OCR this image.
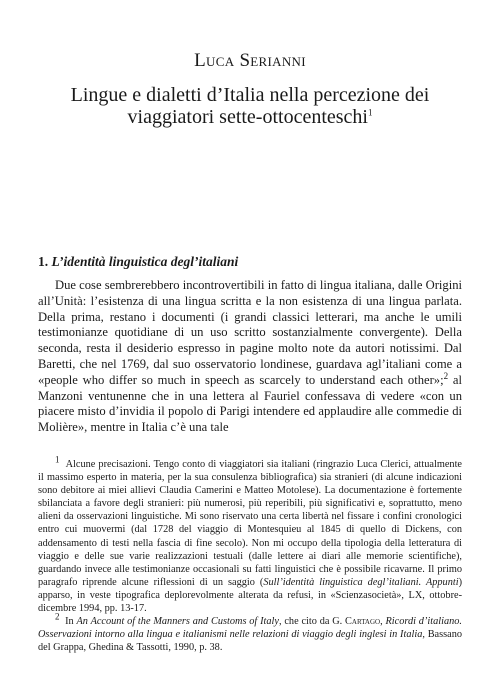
Luca Serianni
Lingue e dialetti d’Italia nella percezione dei
viaggiatori sette-ottocenteschi$^1$
1. L’identità linguistica degl’italiani

Due cose sembrerebbero incontrovertibili in fatto di lingua italiana, dalle Origini all’Unità: l’esistenza di una lingua scritta e la non esistenza di una lingua parlata. Della prima, restano i documenti (i grandi classici letterari, ma anche le umili testimonianze quotidiane di un uso scritto sostanzialmente convergente). Della seconda, resta il desiderio espresso in pagine molto note da autori notissimi. Dal Baretti, che nel 1769, dal suo osservatorio londinese, guardava agl’italiani come a «people who differ so much in speech as scarcely to understand each other»;$^2$ al Manzoni ventunenne che in una lettera al Fauriel confessava di vedere «con un piacere misto d’invidia il popolo di Parigi intendere ed applaudire alle commedie di Molière», mentre in Italia c’è una tale

1 Alcune precisazioni. Tengo conto di viaggiatori sia italiani (ringrazio Luca Clerici, attualmente il massimo esperto in materia, per la sua consulenza bibliografica) sia stranieri (di alcune indicazioni sono debitore ai miei allievi Claudia Camerini e Matteo Motolese). La documentazione è fortemente sbilanciata a favore degli stranieri: più numerosi, più reperibili, più significativi e, soprattutto, meno alieni da osservazioni linguistiche. Mi sono riservato una certa libertà nel fissare i confini cronologici entro cui muovermi (dal 1728 del viaggio di Montesquieu al 1845 di quello di Dickens, con addensamento di testi nella fascia di fine secolo). Non mi occupo della tipologia della letteratura di viaggio e delle sue varie realizzazioni testuali (dalle lettere ai diari alle memorie scientifiche), guardando invece alle testimonianze occasionali su fatti linguistici che è possibile ricavarne. Il primo paragrafo riprende alcune riflessioni di un saggio (Sull’identità linguistica degl’italiani. Appunti) apparso, in veste tipografica deplorevolmente alterata da refusi, in «Scienzasocietà», LX, ottobre-dicembre 1994, pp. 13-17.

2 In An Account of the Manners and Customs of Italy, che cito da G. Cartago, Ricordi d’italiano. Osservazioni intorno alla lingua e italianismi nelle relazioni di viaggio degli inglesi in Italia, Bassano del Grappa, Ghedina & Tassotti, 1990, p. 38.
